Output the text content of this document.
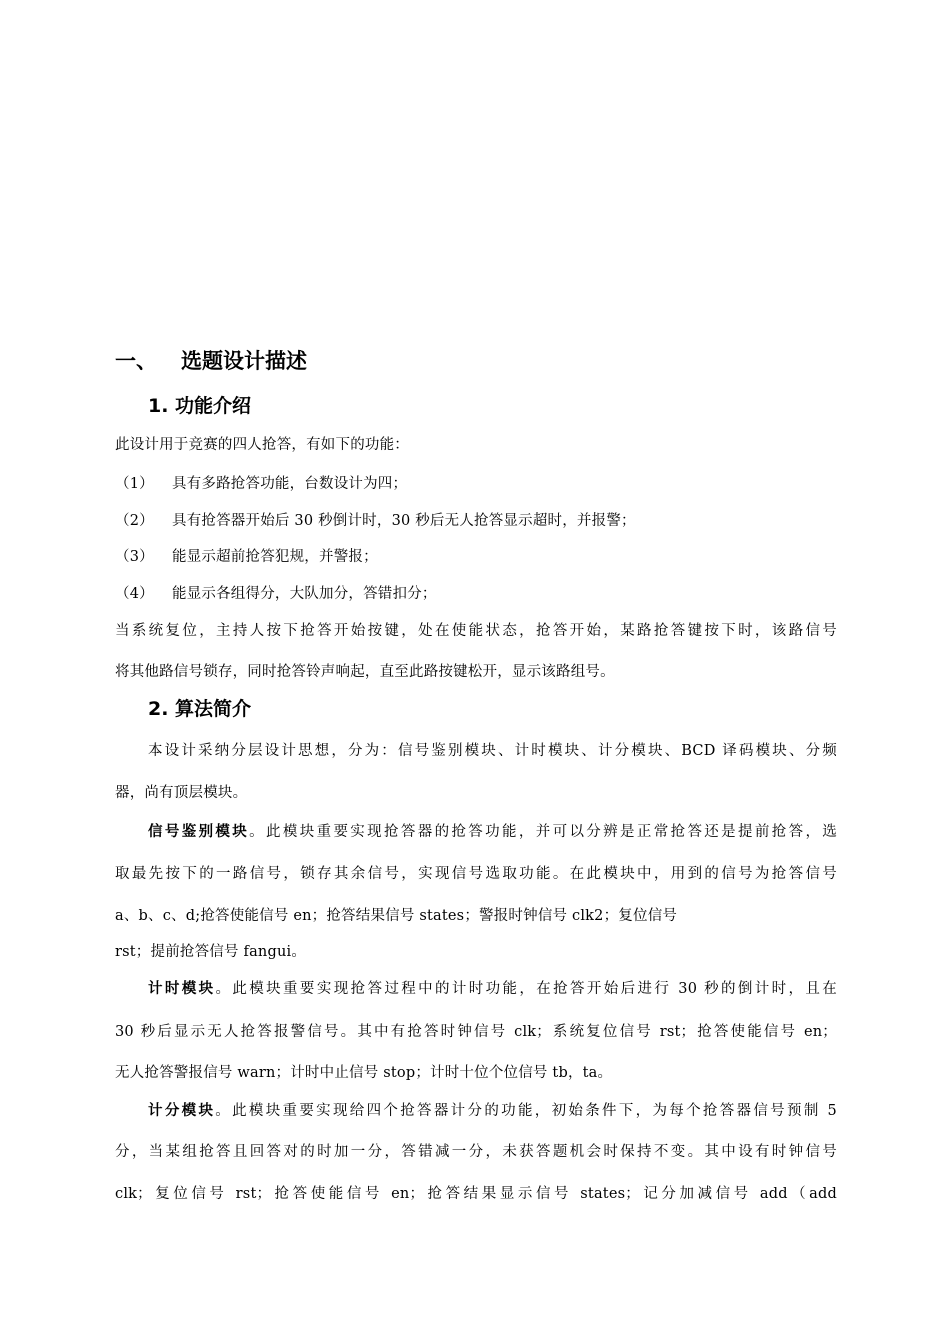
一、 选题设计描述
1. 功能介绍
此设计用于竞赛的四人抢答，有如下的功能：
（1） 具有多路抢答功能，台数设计为四；
（2） 具有抢答器开始后 30 秒倒计时，30 秒后无人抢答显示超时，并报警；
（3） 能显示超前抢答犯规，并警报；
（4） 能显示各组得分，大队加分，答错扣分；
当系统复位，主持人按下抢答开始按键，处在使能状态，抢答开始，某路抢答键按下时，该路信号
将其他路信号锁存，同时抢答铃声响起，直至此路按键松开，显示该路组号。
2. 算法简介
本设计采纳分层设计思想，分为：信号鉴别模块、计时模块、计分模块、BCD 译码模块、分频
器，尚有顶层模块。
信号鉴别模块。此模块重要实现抢答器的抢答功能，并可以分辨是正常抢答还是提前抢答，选
取最先按下的一路信号，锁存其余信号，实现信号选取功能。在此模块中，用到的信号为抢答信号
a、b、c、d;抢答使能信号 en；抢答结果信号 states；警报时钟信号 clk2；复位信号
rst；提前抢答信号 fangui。
计时模块。此模块重要实现抢答过程中的计时功能，在抢答开始后进行 30 秒的倒计时，且在
30 秒后显示无人抢答报警信号。其中有抢答时钟信号 clk；系统复位信号 rst；抢答使能信号 en；
无人抢答警报信号 warn；计时中止信号 stop；计时十位个位信号 tb，ta。
计分模块。此模块重要实现给四个抢答器计分的功能，初始条件下，为每个抢答器信号预制 5
分，当某组抢答且回答对的时加一分，答错减一分，未获答题机会时保持不变。其中设有时钟信号
clk；复位信号 rst；抢答使能信号 en；抢答结果显示信号 states；记分加减信号 add（add
